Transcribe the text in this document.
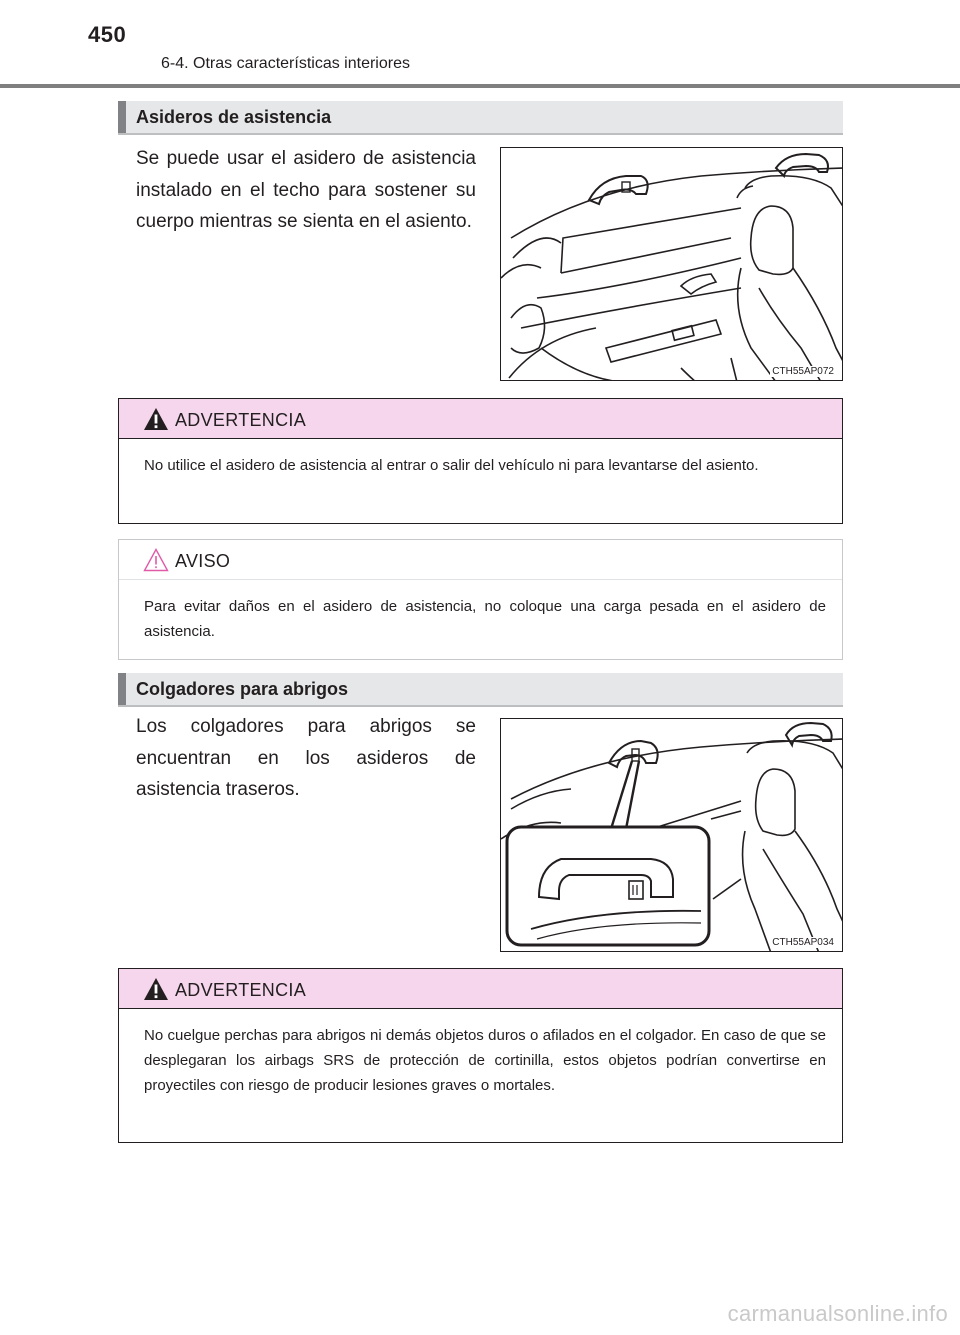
450
6-4. Otras características interiores
Asideros de asistencia
Se puede usar el asidero de asistencia instalado en el techo para sostener su cuerpo mientras se sienta en el asiento.
CTH55AP072
ADVERTENCIA
No utilice el asidero de asistencia al entrar o salir del vehículo ni para levantarse del asiento.
AVISO
Para evitar daños en el asidero de asistencia, no coloque una carga pesada en el asidero de asistencia.
Colgadores para abrigos
Los colgadores para abrigos se encuentran en los asideros de asistencia traseros.
CTH55AP034
ADVERTENCIA
No cuelgue perchas para abrigos ni demás objetos duros o afilados en el colgador. En caso de que se desplegaran los airbags SRS de protección de cortinilla, estos objetos podrían convertirse en proyectiles con riesgo de producir lesiones graves o mortales.
carmanualsonline.info
